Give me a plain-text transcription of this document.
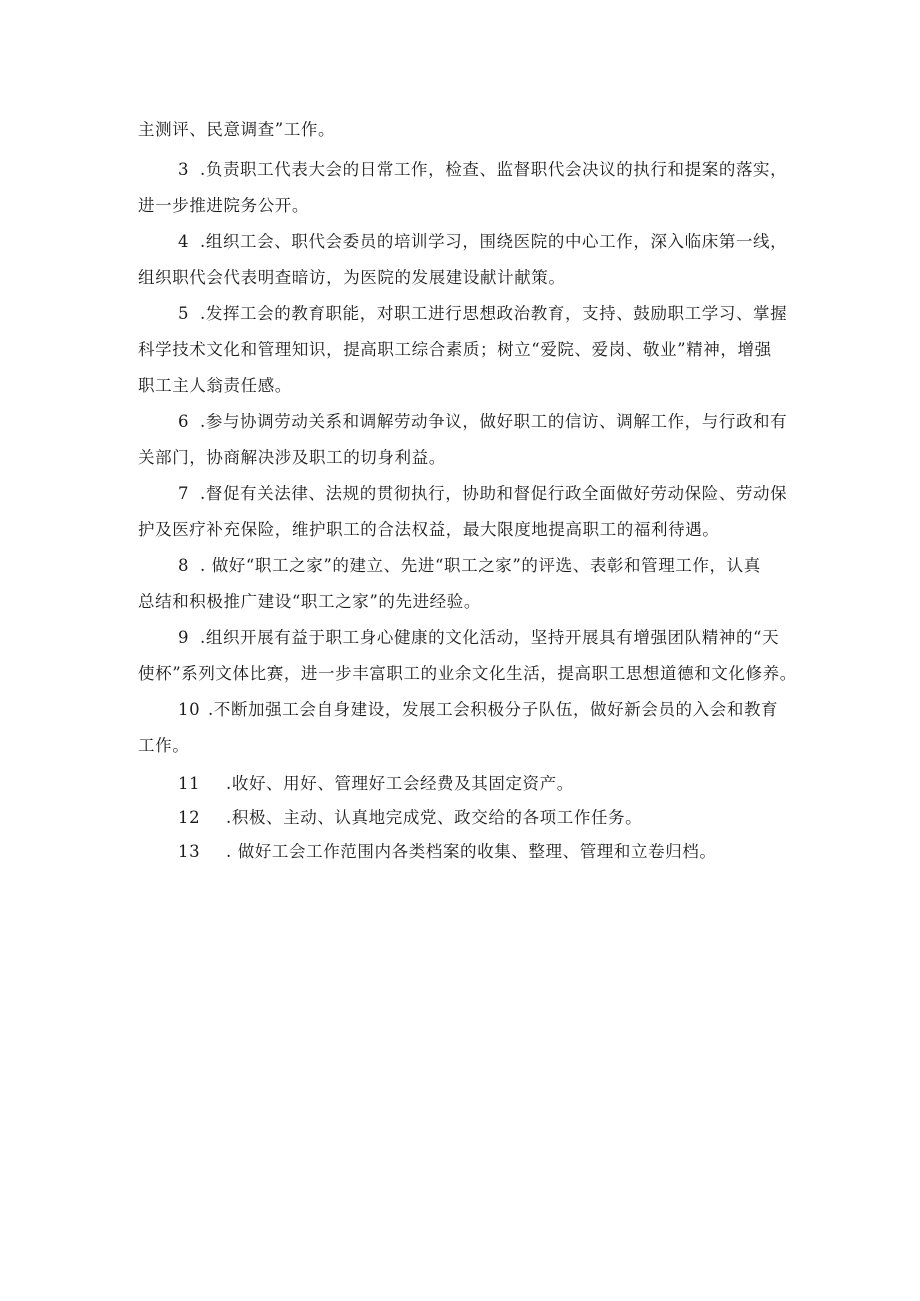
主测评、民意调查”工作。
3 .负责职工代表大会的日常工作，检查、监督职代会决议的执行和提案的落实，
进一步推进院务公开。
4 .组织工会、职代会委员的培训学习，围绕医院的中心工作，深入临床第一线，
组织职代会代表明查暗访，为医院的发展建设献计献策。
5 .发挥工会的教育职能，对职工进行思想政治教育，支持、鼓励职工学习、掌握
科学技术文化和管理知识，提高职工综合素质；树立“爱院、爱岗、敬业”精神，增强
职工主人翁责任感。
6 .参与协调劳动关系和调解劳动争议，做好职工的信访、调解工作，与行政和有
关部门，协商解决涉及职工的切身利益。
7 .督促有关法律、法规的贯彻执行，协助和督促行政全面做好劳动保险、劳动保
护及医疗补充保险，维护职工的合法权益，最大限度地提高职工的福利待遇。
8 . 做好“职工之家”的建立、先进“职工之家”的评选、表彰和管理工作，认真
总结和积极推广建设“职工之家”的先进经验。
9 .组织开展有益于职工身心健康的文化活动，坚持开展具有增强团队精神的“天
使杯”系列文体比赛，进一步丰富职工的业余文化生活，提高职工思想道德和文化修养。
10 .不断加强工会自身建设，发展工会积极分子队伍，做好新会员的入会和教育
工作。
11 .收好、用好、管理好工会经费及其固定资产。
12 .积极、主动、认真地完成党、政交给的各项工作任务。
13 . 做好工会工作范围内各类档案的收集、整理、管理和立卷归档。
